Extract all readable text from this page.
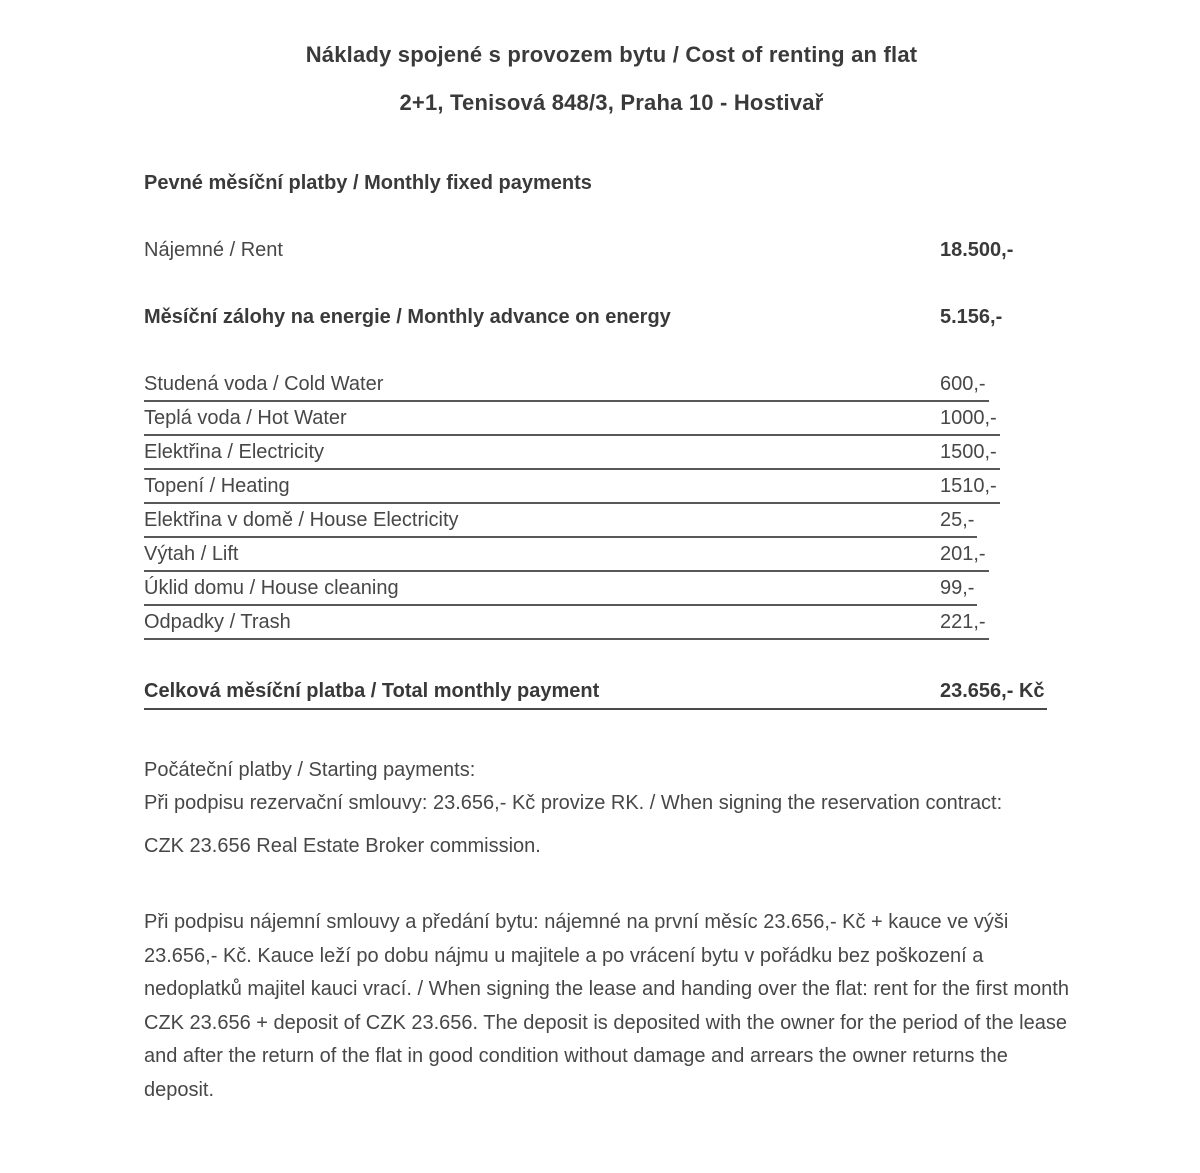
Náklady spojené s provozem bytu / Cost of renting an flat
2+1, Tenisová 848/3, Praha 10 - Hostivař
Pevné měsíční platby / Monthly fixed payments
Nájemné / Rent	18.500,-
Měsíční zálohy na energie / Monthly advance on energy	5.156,-
Studená voda / Cold Water	600,-
Teplá voda / Hot Water	1000,-
Elektřina / Electricity	1500,-
Topení / Heating	1510,-
Elektřina v domě / House Electricity	25,-
Výtah / Lift	201,-
Úklid domu / House cleaning	99,-
Odpadky / Trash	221,-
Celková měsíční platba / Total monthly payment	23.656,- Kč
Počáteční platby / Starting payments:
Při podpisu rezervační smlouvy: 23.656,- Kč provize RK. / When signing the reservation contract:
CZK 23.656 Real Estate Broker commission.
Při podpisu nájemní smlouvy a předání bytu: nájemné na první měsíc 23.656,- Kč + kauce ve výši 23.656,- Kč. Kauce leží po dobu nájmu u majitele a po vrácení bytu v pořádku bez poškození a nedoplatků majitel kauci vrací. / When signing the lease and handing over the flat: rent for the first month CZK 23.656 + deposit of CZK 23.656. The deposit is deposited with the owner for the period of the lease and after the return of the flat in good condition without damage and arrears the owner returns the deposit.
